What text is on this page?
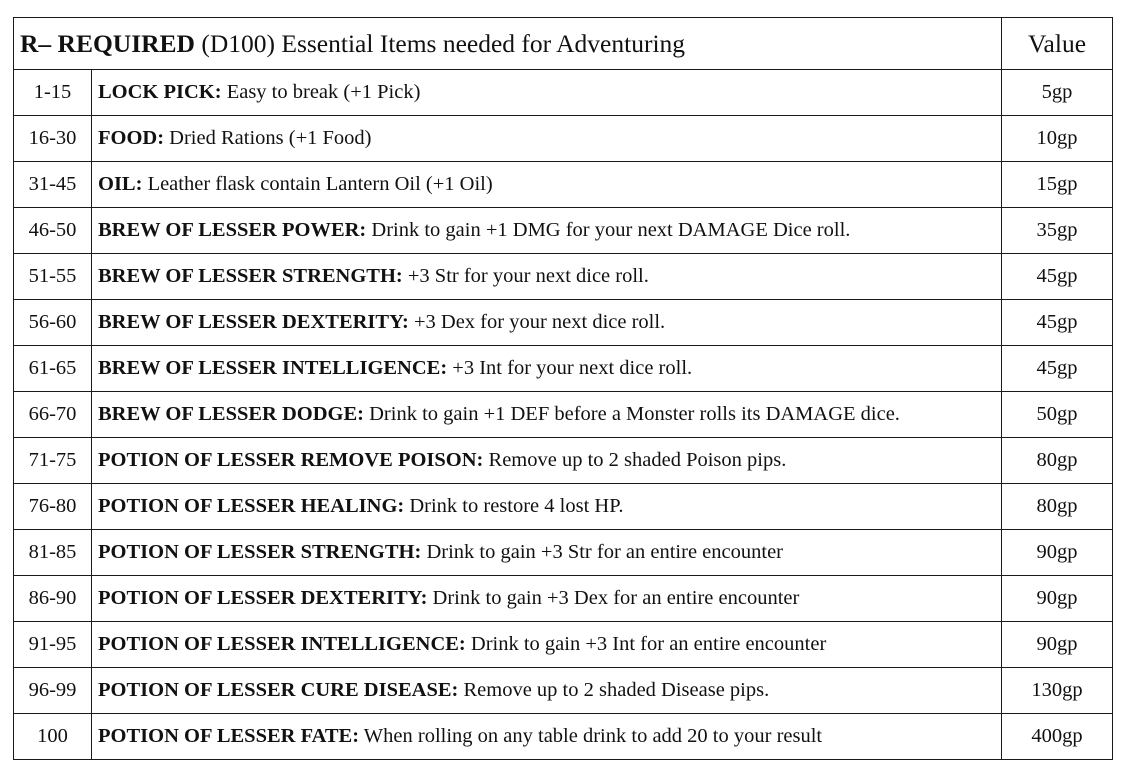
R– REQUIRED (D100) Essential Items needed for Adventuring		Value
1-15	LOCK PICK: Easy to break (+1 Pick)	5gp
16-30	FOOD: Dried Rations (+1 Food)	10gp
31-45	OIL: Leather flask contain Lantern Oil (+1 Oil)	15gp
46-50	BREW OF LESSER POWER: Drink to gain +1 DMG for your next DAMAGE Dice roll.	35gp
51-55	BREW OF LESSER STRENGTH: +3 Str for your next dice roll.	45gp
56-60	BREW OF LESSER DEXTERITY: +3 Dex for your next dice roll.	45gp
61-65	BREW OF LESSER INTELLIGENCE: +3 Int for your next dice roll.	45gp
66-70	BREW OF LESSER DODGE: Drink to gain +1 DEF before a Monster rolls its DAMAGE dice.	50gp
71-75	POTION OF LESSER REMOVE POISON: Remove up to 2 shaded Poison pips.	80gp
76-80	POTION OF LESSER HEALING: Drink to restore 4 lost HP.	80gp
81-85	POTION OF LESSER STRENGTH: Drink to gain +3 Str for an entire encounter	90gp
86-90	POTION OF LESSER DEXTERITY: Drink to gain +3 Dex for an entire encounter	90gp
91-95	POTION OF LESSER INTELLIGENCE: Drink to gain +3 Int for an entire encounter	90gp
96-99	POTION OF LESSER CURE DISEASE: Remove up to 2 shaded Disease pips.	130gp
100	POTION OF LESSER FATE: When rolling on any table drink to add 20 to your result	400gp
